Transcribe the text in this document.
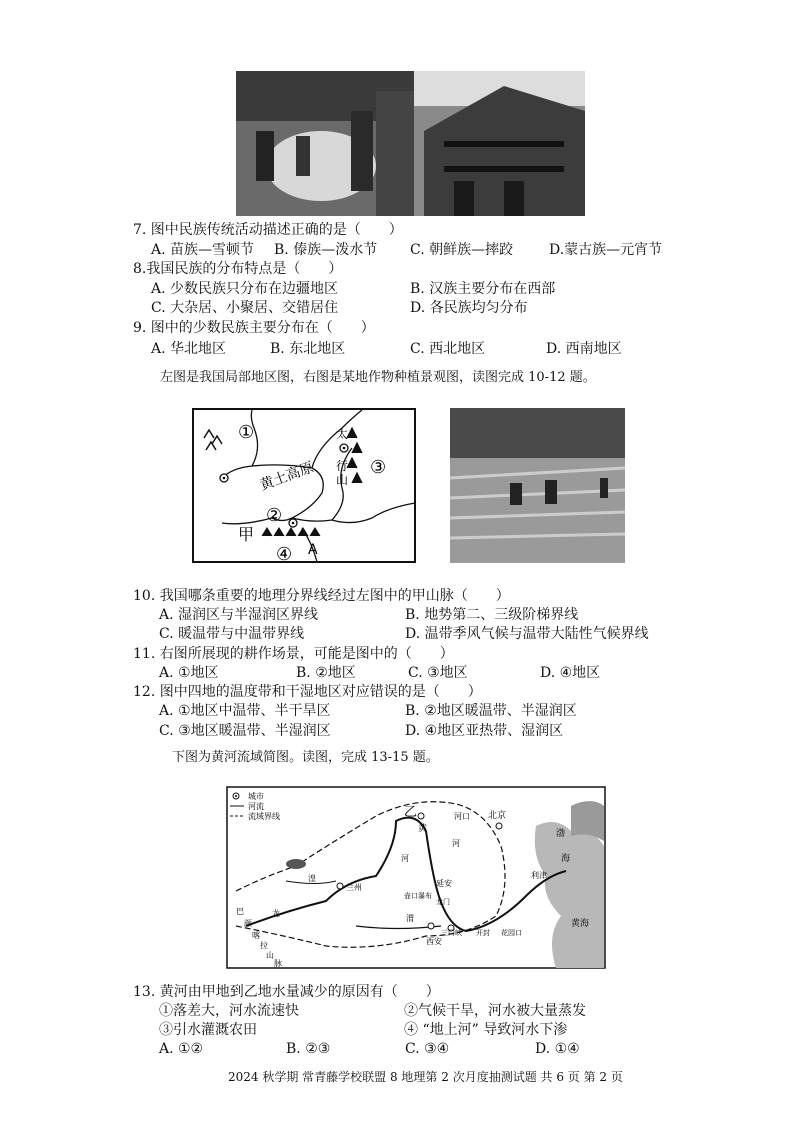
7. 图中民族传统活动描述正确的是（　　）
A. 苗族—雪顿节 B. 傣族—泼水节 C. 朝鲜族—摔跤	D.蒙古族—元宵节
8.我国民族的分布特点是（　　）
A. 少数民族只分布在边疆地区	B. 汉族主要分布在西部
C. 大杂居、小聚居、交错居住	D. 各民族均匀分布
9. 图中的少数民族主要分布在（　　）
A. 华北地区	B. 东北地区	C. 西北地区	D. 西南地区
左图是我国局部地区图，右图是某地作物种植景观图，读图完成 10-12 题。
①
黄土高原
太
行
山
③
②
甲
④ A
10. 我国哪条重要的地理分界线经过左图中的甲山脉（　　）
A. 湿润区与半湿润区界线	B. 地势第二、三级阶梯界线
C. 暖温带与中温带界线	D. 温带季风气候与温带大陆性气候界线
11. 右图所展现的耕作场景，可能是图中的（　　）
A. ①地区	B. ②地区	C. ③地区	D. ④地区
12. 图中四地的温度带和干湿地区对应错误的是（　　）
A. ①地区中温带、半干旱区	B. ②地区暖温带、半湿润区
C. ③地区暖温带、半湿润区	D. ④地区亚热带、湿润区
下图为黄河流域简图。读图，完成 13-15 题。
城市
河流
流域界线	乙
黄
河口 北京
河
渤
海
利津
黄海
兰州	延安
壶口瀑布
龙门
西安
三门峡 开封 花园口
河
渭
湟
龙
巴
颜
喀
拉
山
脉
13. 黄河由甲地到乙地水量减少的原因有（　　）
①落差大，河水流速快	②气候干旱，河水被大量蒸发
③引水灌溉农田	④ “地上河” 导致河水下渗
A. ①②	B. ②③	C. ③④	D. ①④
2024 秋学期 常青藤学校联盟 8 地理第 2 次月度抽测试题 共 6 页 第 2 页
